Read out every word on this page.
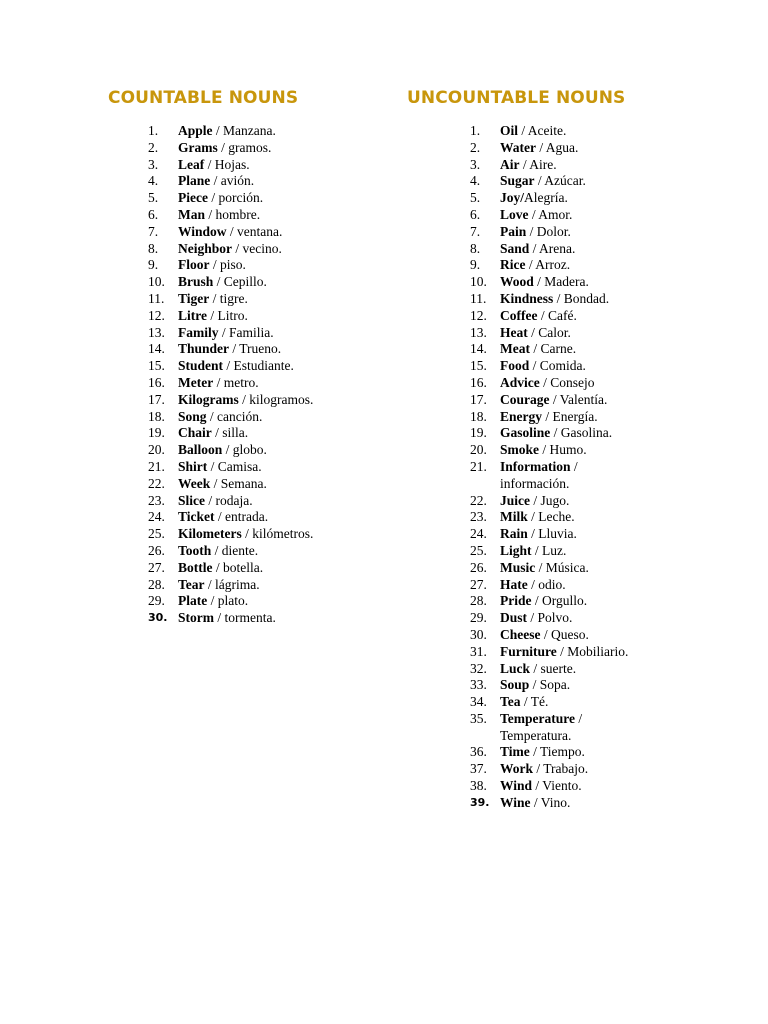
COUNTABLE NOUNS
1. Apple / Manzana.
2. Grams / gramos.
3. Leaf / Hojas.
4. Plane / avión.
5. Piece / porción.
6. Man / hombre.
7. Window / ventana.
8. Neighbor / vecino.
9. Floor / piso.
10. Brush / Cepillo.
11. Tiger / tigre.
12. Litre / Litro.
13. Family / Familia.
14. Thunder / Trueno.
15. Student / Estudiante.
16. Meter / metro.
17. Kilograms / kilogramos.
18. Song / canción.
19. Chair / silla.
20. Balloon / globo.
21. Shirt / Camisa.
22. Week / Semana.
23. Slice / rodaja.
24. Ticket / entrada.
25. Kilometers / kilómetros.
26. Tooth / diente.
27. Bottle / botella.
28. Tear / lágrima.
29. Plate / plato.
30. Storm / tormenta.
UNCOUNTABLE NOUNS
1. Oil / Aceite.
2. Water / Agua.
3. Air / Aire.
4. Sugar / Azúcar.
5. Joy/Alegría.
6. Love / Amor.
7. Pain / Dolor.
8. Sand / Arena.
9. Rice / Arroz.
10. Wood / Madera.
11. Kindness / Bondad.
12. Coffee / Café.
13. Heat / Calor.
14. Meat / Carne.
15. Food / Comida.
16. Advice / Consejo
17. Courage / Valentía.
18. Energy / Energía.
19. Gasoline / Gasolina.
20. Smoke / Humo.
21. Information / información.
22. Juice / Jugo.
23. Milk / Leche.
24. Rain / Lluvia.
25. Light / Luz.
26. Music / Música.
27. Hate / odio.
28. Pride / Orgullo.
29. Dust / Polvo.
30. Cheese / Queso.
31. Furniture / Mobiliario.
32. Luck / suerte.
33. Soup / Sopa.
34. Tea / Té.
35. Temperature / Temperatura.
36. Time / Tiempo.
37. Work / Trabajo.
38. Wind / Viento.
39. Wine / Vino.
